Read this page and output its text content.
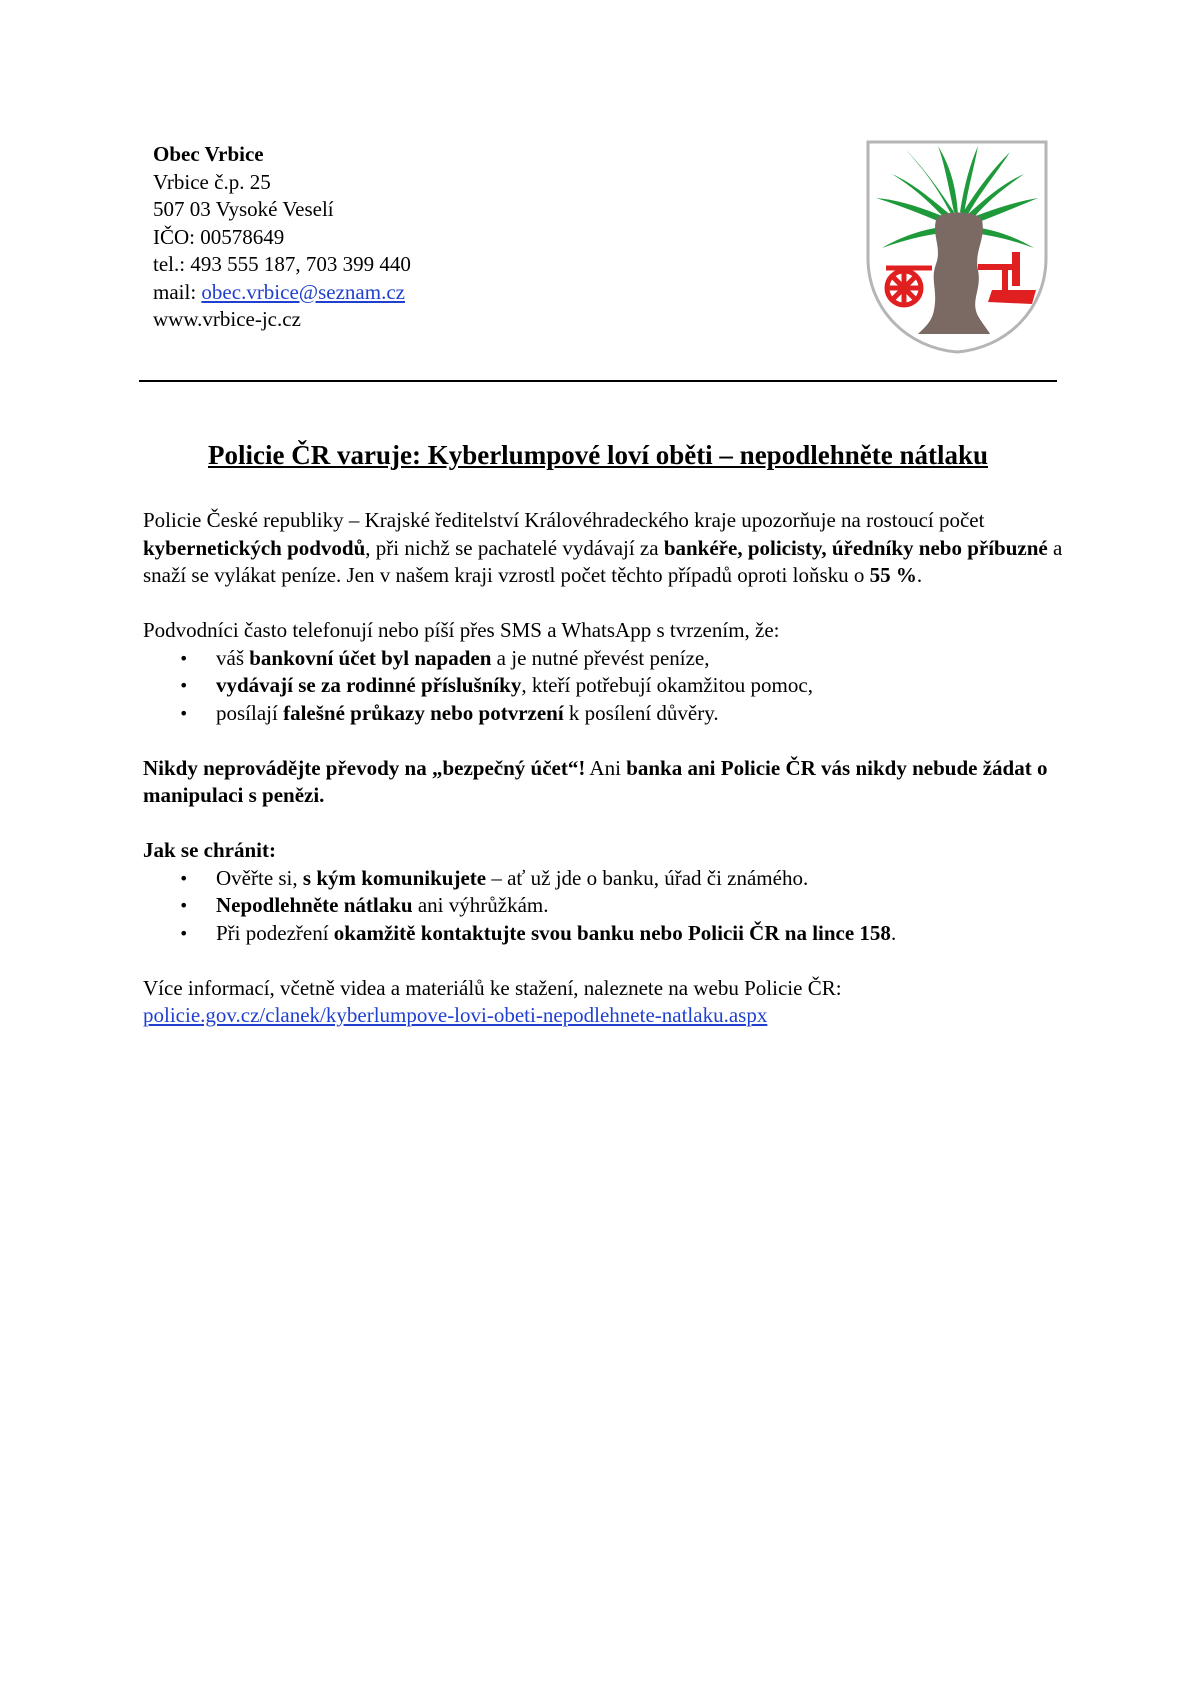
Obec Vrbice
Vrbice č.p. 25
507 03 Vysoké Veselí
IČO: 00578649
tel.: 493 555 187, 703 399 440
mail: obec.vrbice@seznam.cz
www.vrbice-jc.cz
Policie ČR varuje: Kyberlumpové loví oběti – nepodlehněte nátlaku

Policie České republiky – Krajské ředitelství Královéhradeckého kraje upozorňuje na rostoucí počet kybernetických podvodů, při nichž se pachatelé vydávají za bankéře, policisty, úředníky nebo příbuzné a snaží se vylákat peníze. Jen v našem kraji vzrostl počet těchto případů oproti loňsku o 55 %.

Podvodníci často telefonují nebo píší přes SMS a WhatsApp s tvrzením, že:

• váš bankovní účet byl napaden a je nutné převést peníze,
• vydávají se za rodinné příslušníky, kteří potřebují okamžitou pomoc,
• posílají falešné průkazy nebo potvrzení k posílení důvěry.

Nikdy neprovádějte převody na „bezpečný účet“! Ani banka ani Policie ČR vás nikdy nebude žádat o manipulaci s penězi.

Jak se chránit:

• Ověřte si, s kým komunikujete – ať už jde o banku, úřad či známého.
• Nepodlehněte nátlaku ani výhrůžkám.
• Při podezření okamžitě kontaktujte svou banku nebo Policii ČR na lince 158.

Více informací, včetně videa a materiálů ke stažení, naleznete na webu Policie ČR: policie.gov.cz/clanek/kyberlumpove-lovi-obeti-nepodlehnete-natlaku.aspx
